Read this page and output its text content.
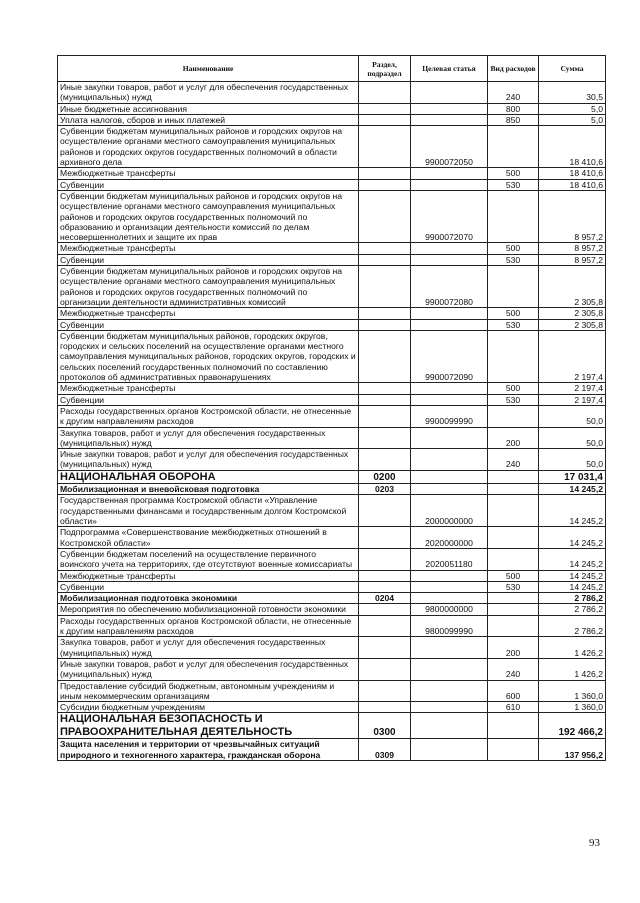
Наименование	Раздел, подраздел	Целевая статья	Вид расходов	Сумма
Иные закупки товаров, работ и услуг для обеспечения государственных (муниципальных) нужд			240	30,5
Иные бюджетные ассигнования			800	5,0
Уплата налогов, сборов и иных платежей			850	5,0
Субвенции бюджетам муниципальных районов и городских округов на осуществление органами местного самоуправления муниципальных районов и городских округов государственных полномочий в области архивного дела		9900072050		18 410,6
Межбюджетные трансферты			500	18 410,6
Субвенции			530	18 410,6
Субвенции бюджетам муниципальных районов и городских округов на осуществление органами местного самоуправления муниципальных районов и городских округов государственных полномочий по образованию и организации деятельности комиссий по делам несовершеннолетних и защите их прав		9900072070		8 957,2
Межбюджетные трансферты			500	8 957,2
Субвенции			530	8 957,2
Субвенции бюджетам муниципальных районов и городских округов на осуществление органами местного самоуправления муниципальных районов и городских округов государственных полномочий по организации деятельности административных комиссий		9900072080		2 305,8
Межбюджетные трансферты			500	2 305,8
Субвенции			530	2 305,8
Субвенции бюджетам муниципальных районов, городских округов, городских и сельских поселений на осуществление органами местного самоуправления муниципальных районов, городских округов, городских и сельских поселений государственных полномочий по составлению протоколов об административных правонарушениях		9900072090		2 197,4
Межбюджетные трансферты			500	2 197,4
Субвенции			530	2 197,4
Расходы государственных органов Костромской области, не отнесенные к другим направлениям расходов		9900099990		50,0
Закупка товаров, работ и услуг для обеспечения государственных (муниципальных) нужд			200	50,0
Иные закупки товаров, работ и услуг для обеспечения государственных (муниципальных) нужд			240	50,0
НАЦИОНАЛЬНАЯ ОБОРОНА	0200			17 031,4
Мобилизационная и вневойсковая подготовка	0203			14 245,2
Государственная программа Костромской области «Управление государственными финансами и государственным долгом Костромской области»		2000000000		14 245,2
Подпрограмма «Совершенствование межбюджетных отношений в Костромской области»		2020000000		14 245,2
Субвенции бюджетам поселений на осуществление первичного воинского учета на территориях, где отсутствуют военные комиссариаты		2020051180		14 245,2
Межбюджетные трансферты			500	14 245,2
Субвенции			530	14 245,2
Мобилизационная подготовка экономики	0204			2 786,2
Мероприятия по обеспечению мобилизационной готовности экономики		9800000000		2 786,2
Расходы государственных органов Костромской области, не отнесенные к другим направлениям расходов		9800099990		2 786,2
Закупка товаров, работ и услуг для обеспечения государственных (муниципальных) нужд			200	1 426,2
Иные закупки товаров, работ и услуг для обеспечения государственных (муниципальных) нужд			240	1 426,2
Предоставление субсидий бюджетным, автономным учреждениям и иным некоммерческим организациям			600	1 360,0
Субсидии бюджетным учреждениям			610	1 360,0
НАЦИОНАЛЬНАЯ БЕЗОПАСНОСТЬ И ПРАВООХРАНИТЕЛЬНАЯ ДЕЯТЕЛЬНОСТЬ	0300			192 466,2
Защита населения и территории от чрезвычайных ситуаций природного и техногенного характера, гражданская оборона	0309			137 956,2
93
